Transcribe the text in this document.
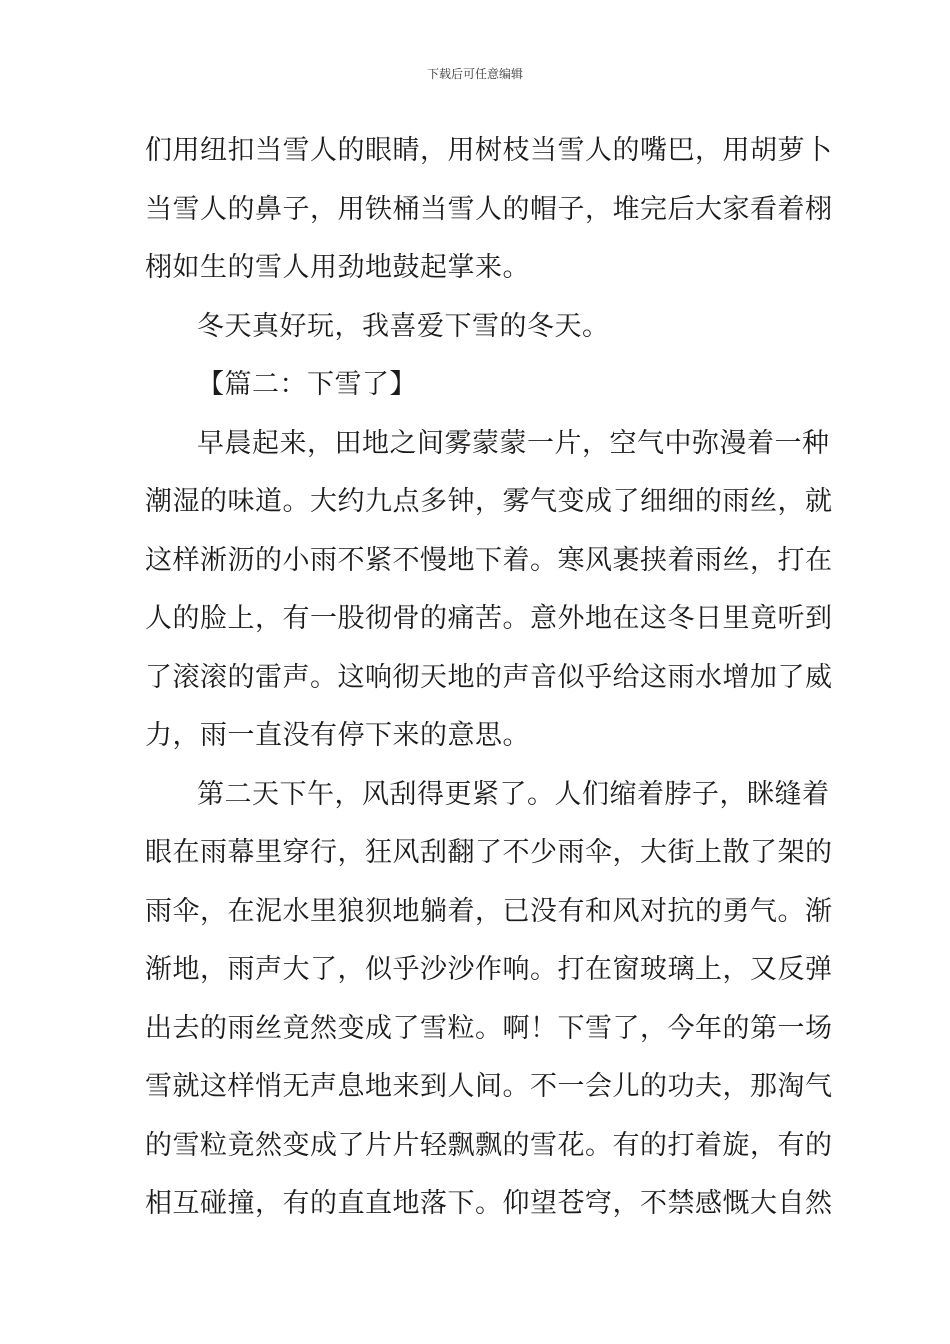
下载后可任意编辑
们用纽扣当雪人的眼睛，用树枝当雪人的嘴巴，用胡萝卜
当雪人的鼻子，用铁桶当雪人的帽子，堆完后大家看着栩
栩如生的雪人用劲地鼓起掌来。
冬天真好玩，我喜爱下雪的冬天。
【篇二：下雪了】
早晨起来，田地之间雾蒙蒙一片，空气中弥漫着一种
潮湿的味道。大约九点多钟，雾气变成了细细的雨丝，就
这样淅沥的小雨不紧不慢地下着。寒风裹挟着雨丝，打在
人的脸上，有一股彻骨的痛苦。意外地在这冬日里竟听到
了滚滚的雷声。这响彻天地的声音似乎给这雨水增加了威
力，雨一直没有停下来的意思。
第二天下午，风刮得更紧了。人们缩着脖子，眯缝着
眼在雨幕里穿行，狂风刮翻了不少雨伞，大街上散了架的
雨伞，在泥水里狼狈地躺着，已没有和风对抗的勇气。渐
渐地，雨声大了，似乎沙沙作响。打在窗玻璃上，又反弹
出去的雨丝竟然变成了雪粒。啊！下雪了，今年的第一场
雪就这样悄无声息地来到人间。不一会儿的功夫，那淘气
的雪粒竟然变成了片片轻飘飘的雪花。有的打着旋，有的
相互碰撞，有的直直地落下。仰望苍穹，不禁感慨大自然
